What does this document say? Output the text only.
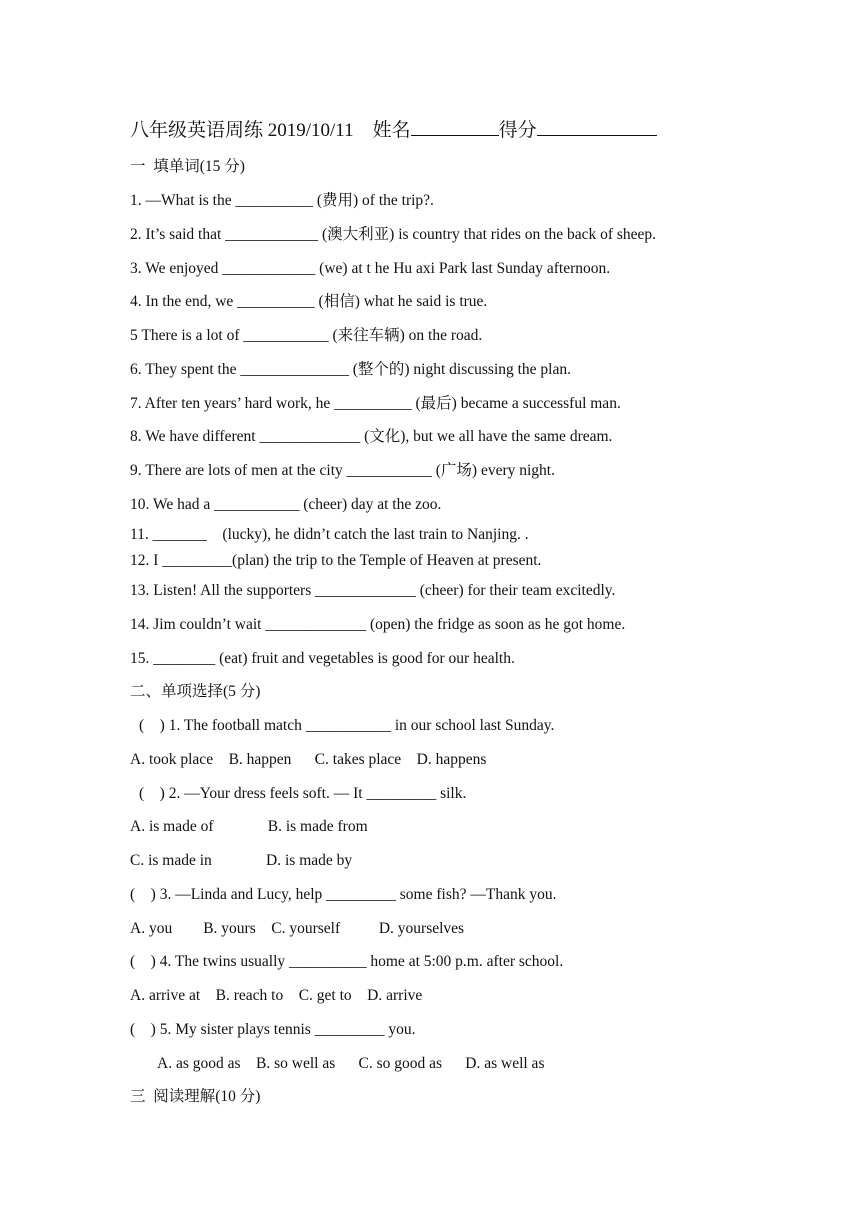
八年级英语周练 2019/10/11 姓名	得分
一  填单词(15 分)
1. —What is the __________ (费用) of the trip?.
2. It’s said that ____________ (澳大利亚) is country that rides on the back of sheep.
3. We enjoyed ____________ (we) at t he Hu axi Park last Sunday afternoon.
4. In the end, we __________ (相信) what he said is true.
5 There is a lot of ___________ (来往车辆) on the road.
6. They spent the ______________ (整个的) night discussing the plan.
7. After ten years’ hard work, he __________ (最后) became a successful man.
8. We have different _____________ (文化), but we all have the same dream.
9. There are lots of men at the city ___________ (广场) every night.
10. We had a ___________ (cheer) day at the zoo.
11. _______    (lucky), he didn’t catch the last train to Nanjing. .
12. I _________(plan) the trip to the Temple of Heaven at present.
13. Listen! All the supporters _____________ (cheer) for their team excitedly.
14. Jim couldn’t wait _____________ (open) the fridge as soon as he got home.
15. ________ (eat) fruit and vegetables is good for our health.
二、单项选择(5 分)
(    ) 1. The football match ___________ in our school last Sunday.
A. took place    B. happen      C. takes place    D. happens
(    ) 2. —Your dress feels soft. — It _________ silk.
A. is made of              B. is made from
C. is made in              D. is made by
(    ) 3. —Linda and Lucy, help _________ some fish? —Thank you.
A. you        B. yours    C. yourself          D. yourselves
(    ) 4. The twins usually __________ home at 5:00 p.m. after school.
A. arrive at    B. reach to    C. get to    D. arrive
(    ) 5. My sister plays tennis _________ you.
A. as good as    B. so well as      C. so good as      D. as well as
三  阅读理解(10 分)
